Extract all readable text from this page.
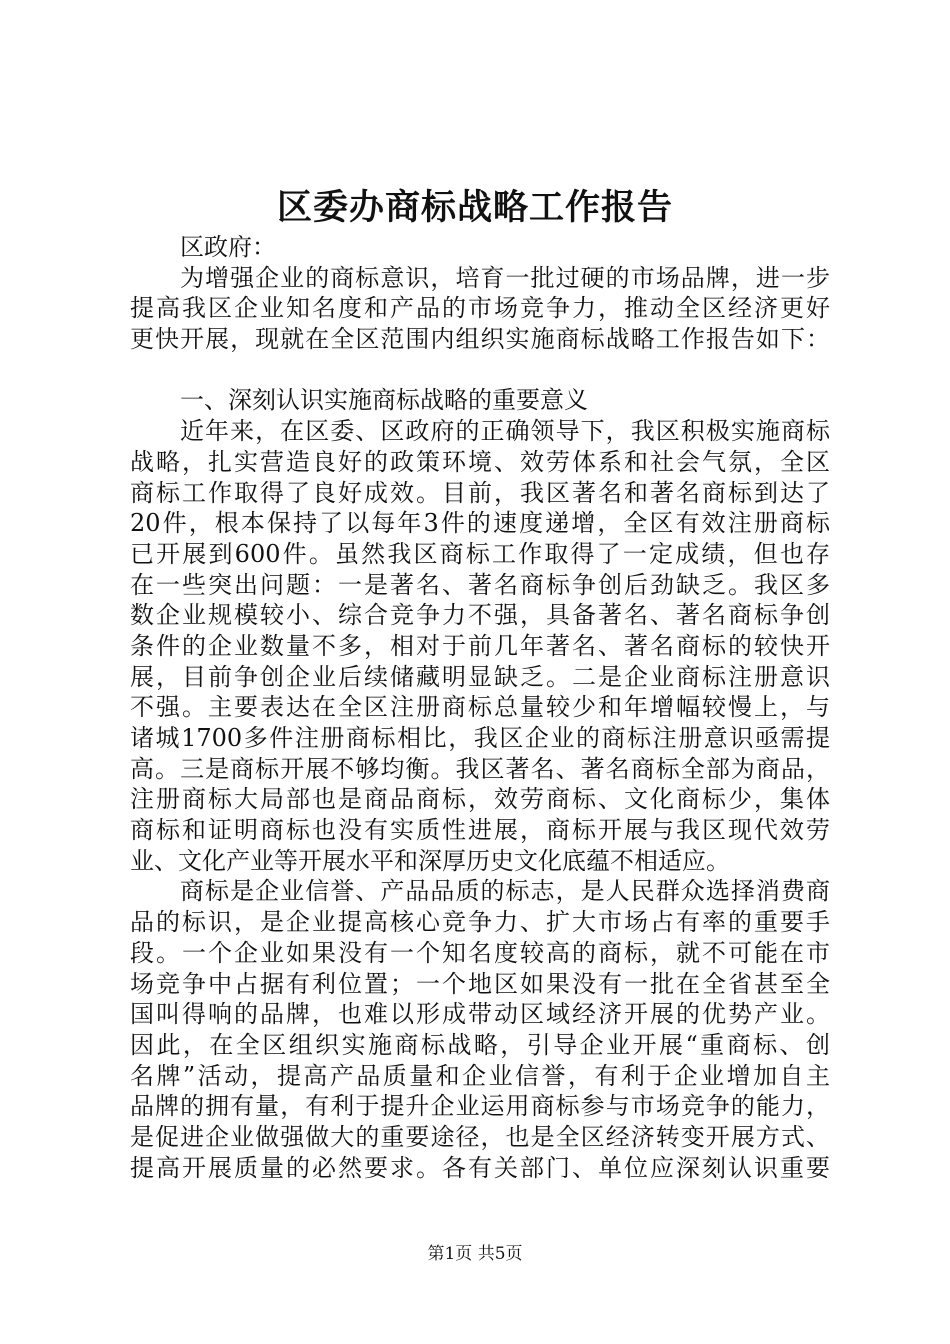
区委办商标战略工作报告
区政府：
为增强企业的商标意识，培育一批过硬的市场品牌，进一步
提高我区企业知名度和产品的市场竞争力，推动全区经济更好
更快开展，现就在全区范围内组织实施商标战略工作报告如下：
一、深刻认识实施商标战略的重要意义
近年来，在区委、区政府的正确领导下，我区积极实施商标
战略，扎实营造良好的政策环境、效劳体系和社会气氛，全区
商标工作取得了良好成效。目前，我区著名和著名商标到达了
20件，根本保持了以每年3件的速度递增，全区有效注册商标
已开展到600件。虽然我区商标工作取得了一定成绩，但也存
在一些突出问题：一是著名、著名商标争创后劲缺乏。我区多
数企业规模较小、综合竞争力不强，具备著名、著名商标争创
条件的企业数量不多，相对于前几年著名、著名商标的较快开
展，目前争创企业后续储藏明显缺乏。二是企业商标注册意识
不强。主要表达在全区注册商标总量较少和年增幅较慢上，与
诸城1700多件注册商标相比，我区企业的商标注册意识亟需提
高。三是商标开展不够均衡。我区著名、著名商标全部为商品，
注册商标大局部也是商品商标，效劳商标、文化商标少，集体
商标和证明商标也没有实质性进展，商标开展与我区现代效劳
业、文化产业等开展水平和深厚历史文化底蕴不相适应。
商标是企业信誉、产品品质的标志，是人民群众选择消费商
品的标识，是企业提高核心竞争力、扩大市场占有率的重要手
段。一个企业如果没有一个知名度较高的商标，就不可能在市
场竞争中占据有利位置；一个地区如果没有一批在全省甚至全
国叫得响的品牌，也难以形成带动区域经济开展的优势产业。
因此，在全区组织实施商标战略，引导企业开展“重商标、创
名牌”活动，提高产品质量和企业信誉，有利于企业增加自主
品牌的拥有量，有利于提升企业运用商标参与市场竞争的能力，
是促进企业做强做大的重要途径，也是全区经济转变开展方式、
提高开展质量的必然要求。各有关部门、单位应深刻认识重要
第1页 共5页
